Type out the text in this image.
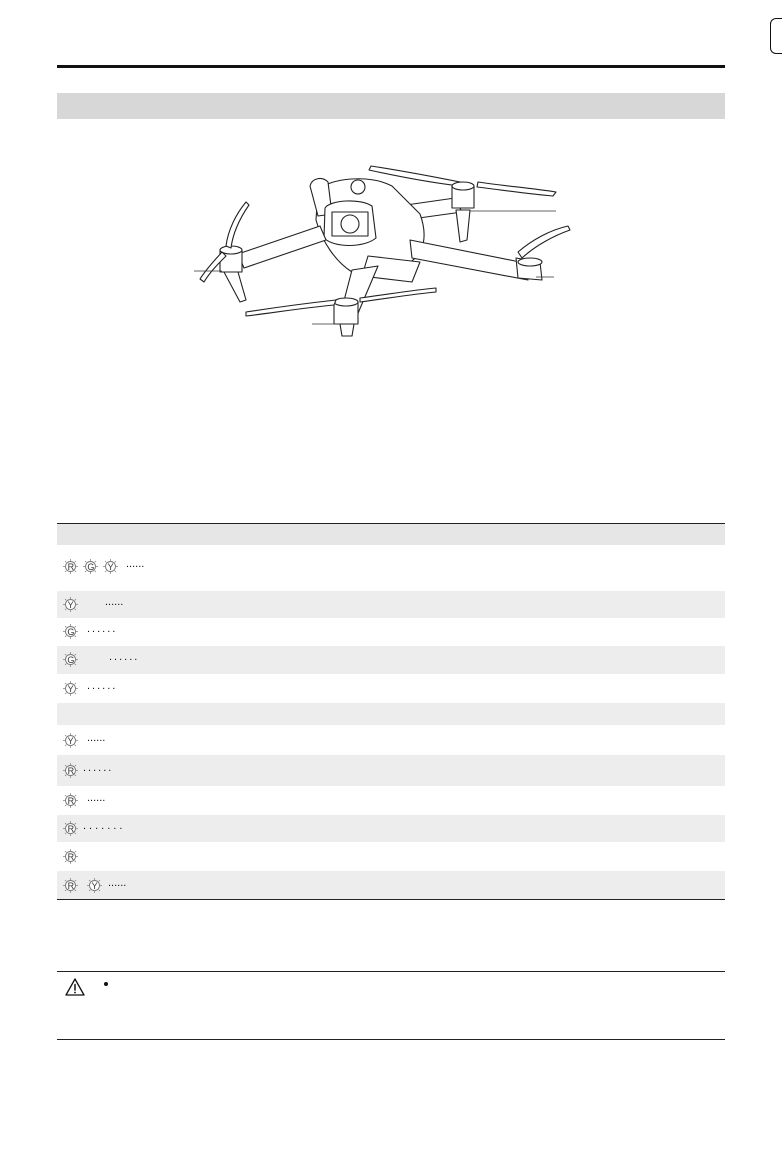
R G Y ......
Y	......
G ......
G	......
Y ......
Y ......
R ......
R ......
R .......
R
R Y ......
